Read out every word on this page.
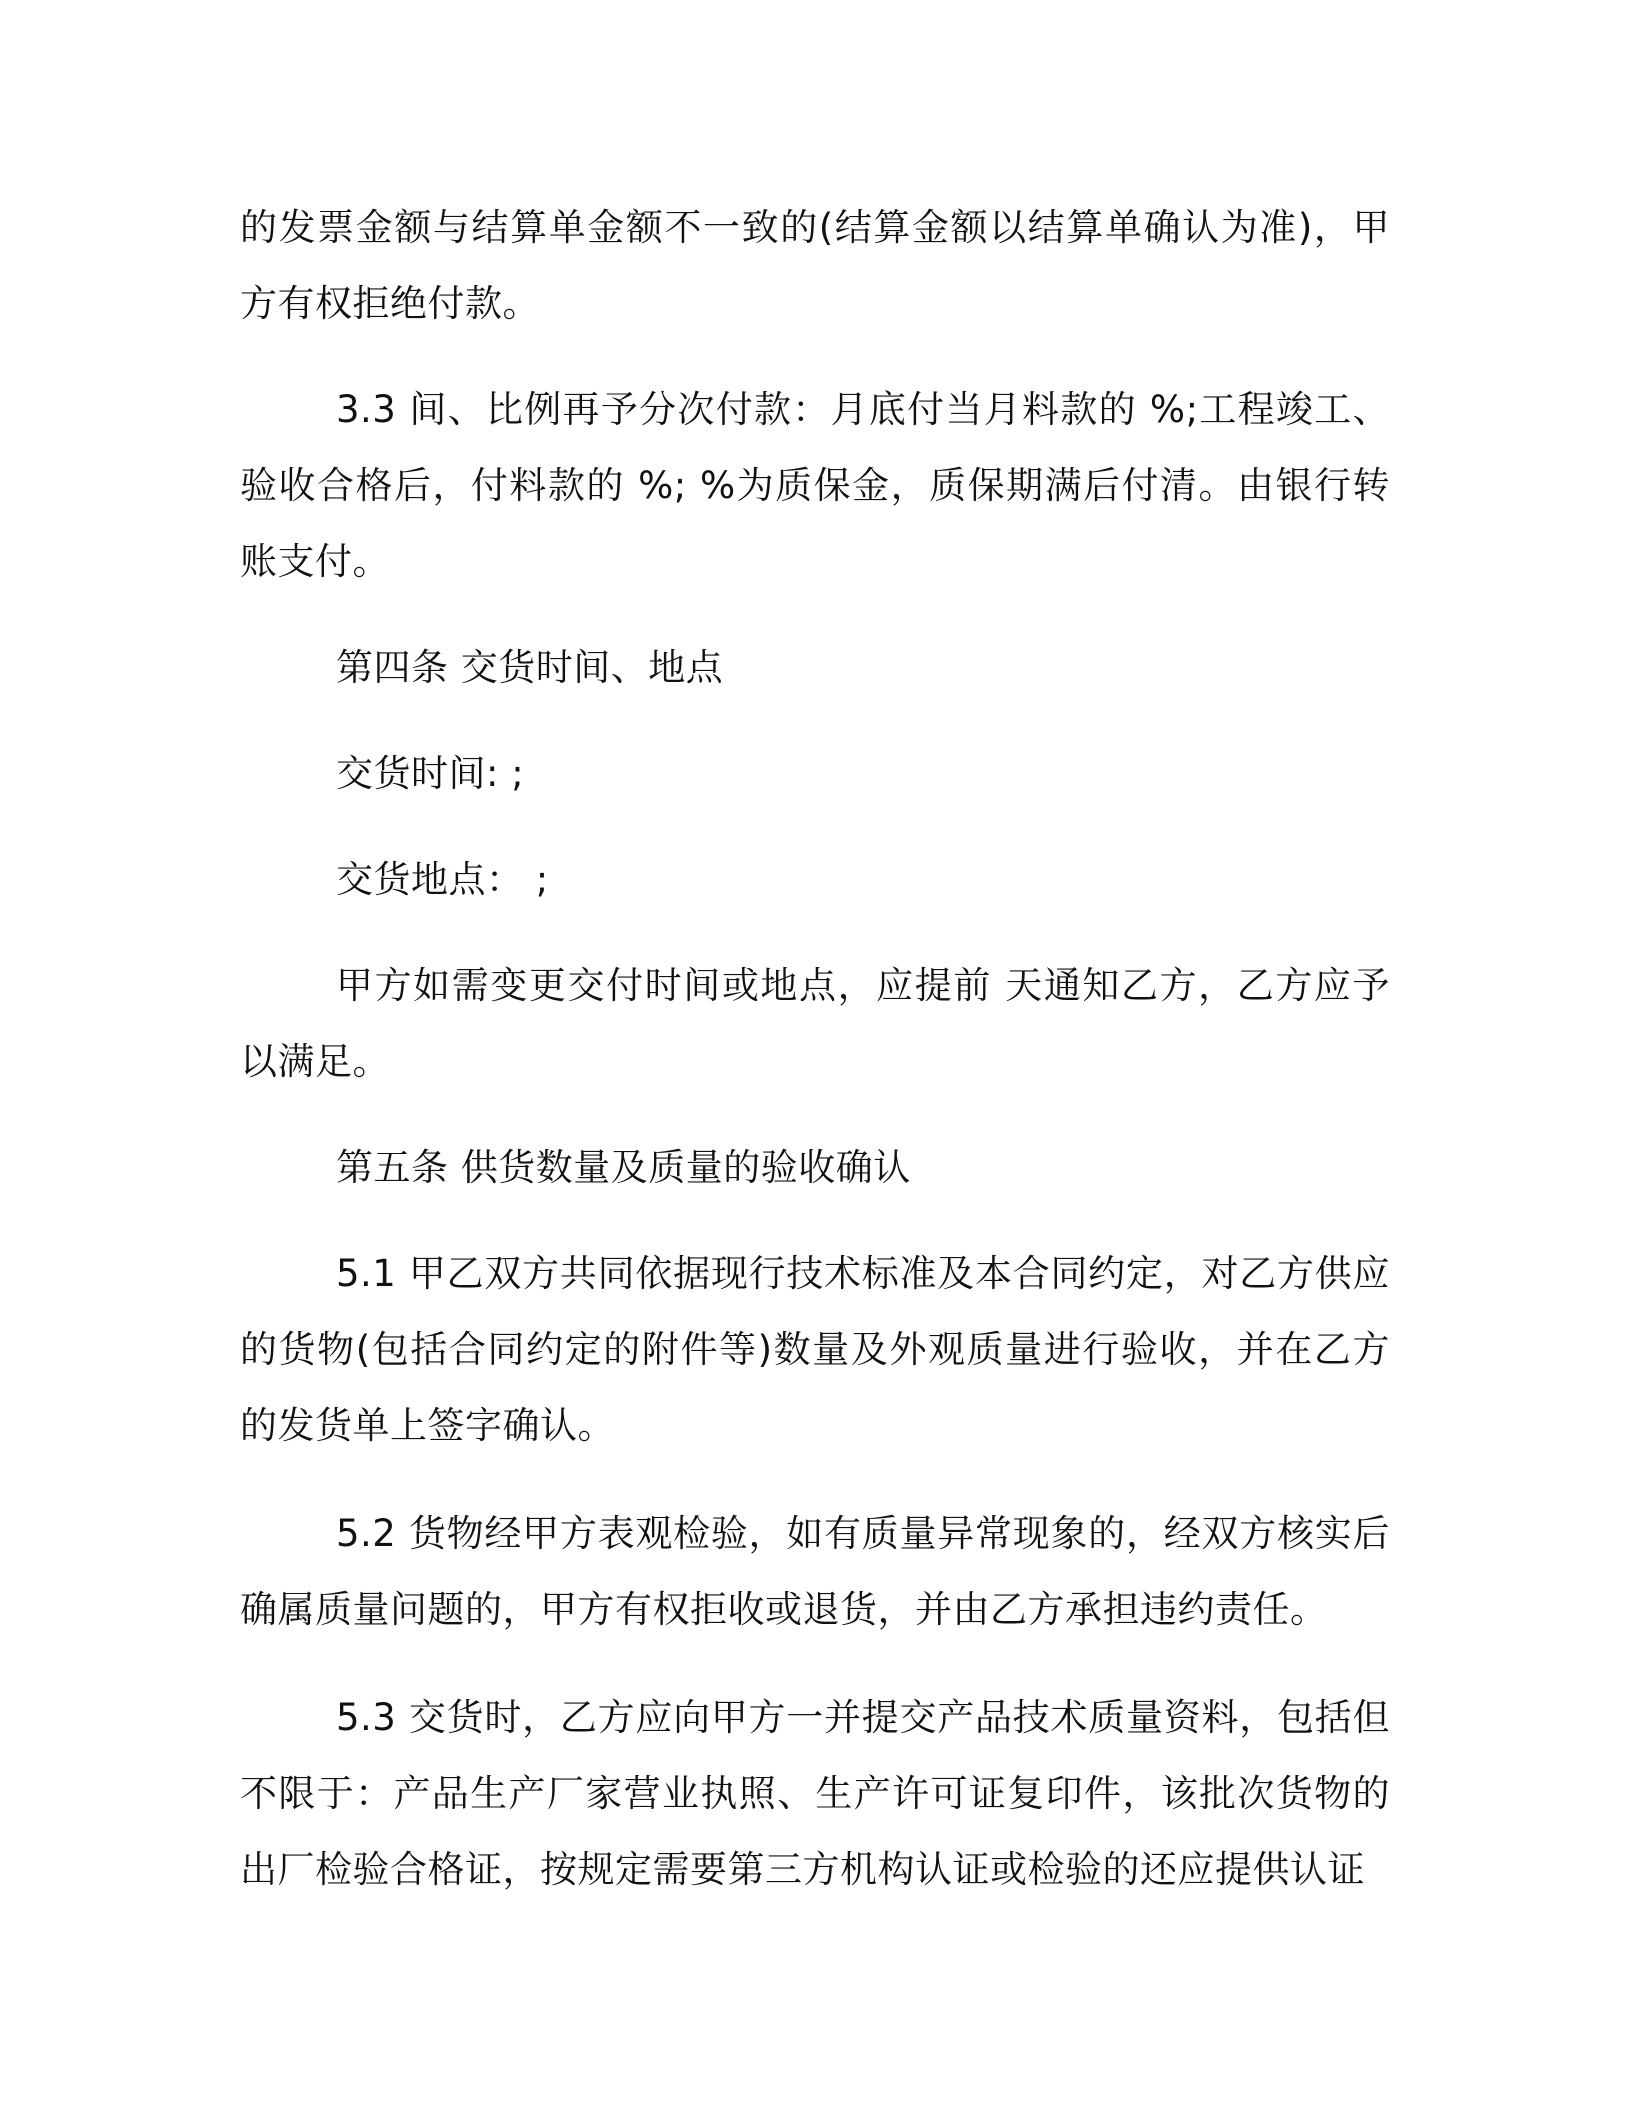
的发票金额与结算单金额不一致的(结算金额以结算单确认为准)，甲方有权拒绝付款。

3.3 间、比例再予分次付款：月底付当月料款的 %;工程竣工、验收合格后，付料款的 %; %为质保金，质保期满后付清。由银行转账支付。

第四条 交货时间、地点

交货时间: ;

交货地点： ;

甲方如需变更交付时间或地点，应提前 天通知乙方，乙方应予以满足。

第五条 供货数量及质量的验收确认

5.1 甲乙双方共同依据现行技术标准及本合同约定，对乙方供应的货物(包括合同约定的附件等)数量及外观质量进行验收，并在乙方的发货单上签字确认。

5.2 货物经甲方表观检验，如有质量异常现象的，经双方核实后确属质量问题的，甲方有权拒收或退货，并由乙方承担违约责任。

5.3 交货时，乙方应向甲方一并提交产品技术质量资料，包括但不限于：产品生产厂家营业执照、生产许可证复印件，该批次货物的出厂检验合格证，按规定需要第三方机构认证或检验的还应提供认证
